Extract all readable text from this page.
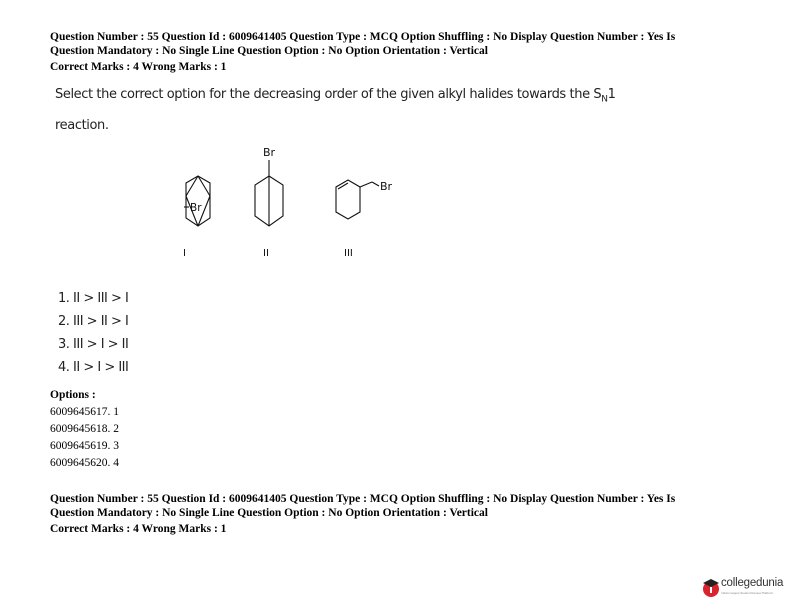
Question Number : 55 Question Id : 6009641405 Question Type : MCQ Option Shuffling : No Display Question Number : Yes Is
Question Mandatory : No Single Line Question Option : No Option Orientation : Vertical
Correct Marks : 4 Wrong Marks : 1
Select the correct option for the decreasing order of the given alkyl halides towards the $S_N1$
reaction.
Br
Br
Br
I	II	III
1. II > III > I
2. III > II > I
3. III > I > II
4. II > I > III
Options :
6009645617. 1
6009645618. 2
6009645619. 3
6009645620. 4
Question Number : 55 Question Id : 6009641405 Question Type : MCQ Option Shuffling : No Display Question Number : Yes Is
Question Mandatory : No Single Line Question Option : No Option Orientation : Vertical
Correct Marks : 4 Wrong Marks : 1
collegedunia
India's largest Student Review Platform
